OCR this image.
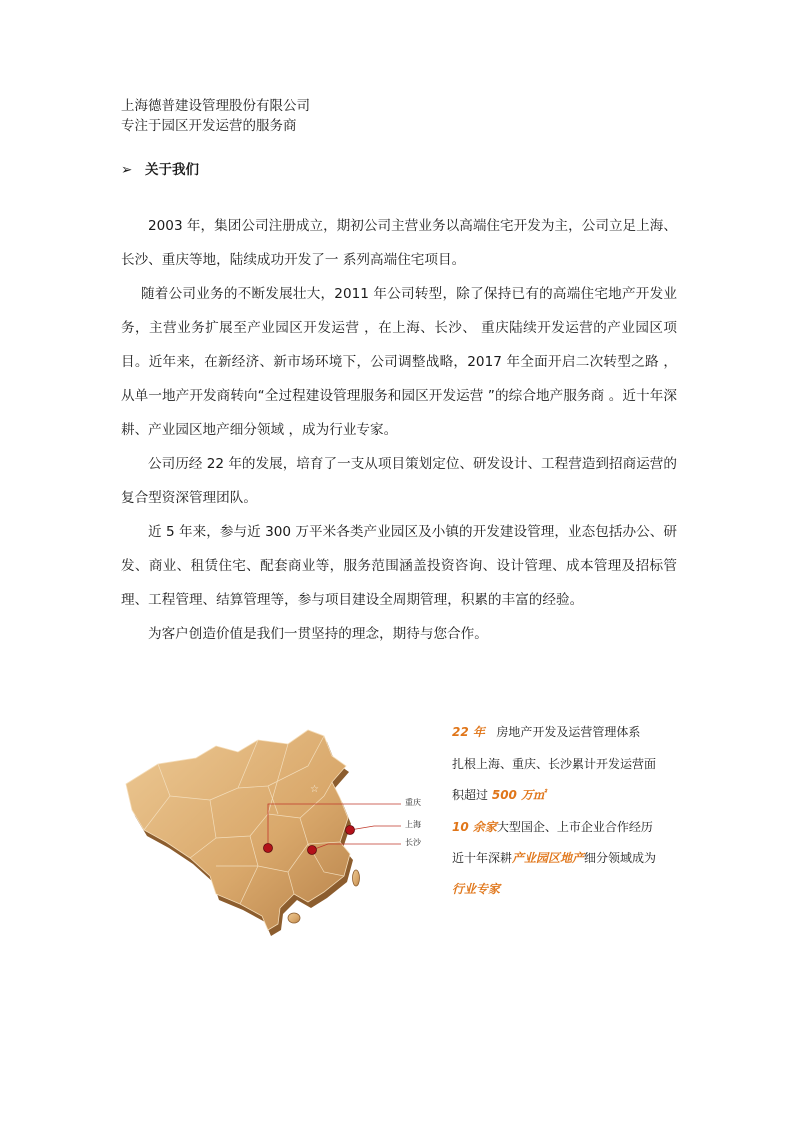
上海德普建设管理股份有限公司
专注于园区开发运营的服务商
➢ 关于我们

2003 年，集团公司注册成立，期初公司主营业务以高端住宅开发为主，公司立足上海、长沙、重庆等地，陆续成功开发了一 系列高端住宅项目。

随着公司业务的不断发展壮大，2011 年公司转型，除了保持已有的高端住宅地产开发业务，主营业务扩展至产业园区开发运营 ，在上海、长沙、 重庆陆续开发运营的产业园区项目。近年来，在新经济、新市场环境下，公司调整战略，2017 年全面开启二次转型之路 ，从单一地产开发商转向“全过程建设管理服务和园区开发运营 ”的综合地产服务商 。近十年深耕、产业园区地产细分领域 ，成为行业专家。

公司历经 22 年的发展，培育了一支从项目策划定位、研发设计、工程营造到招商运营的复合型资深管理团队。

近 5 年来，参与近 300 万平米各类产业园区及小镇的开发建设管理，业态包括办公、研发、商业、租赁住宅、配套商业等，服务范围涵盖投资咨询、设计管理、成本管理及招标管理、工程管理、结算管理等，参与项目建设全周期管理，积累的丰富的经验。

为客户创造价值是我们一贯坚持的理念，期待与您合作。

☆
重庆
上海
长沙
22 年 房地产开发及运营管理体系
扎根上海、重庆、长沙累计开发运营面
积超过 500 万㎡
10 余家大型国企、上市企业合作经历
近十年深耕产业园区地产细分领域成为
行业专家
